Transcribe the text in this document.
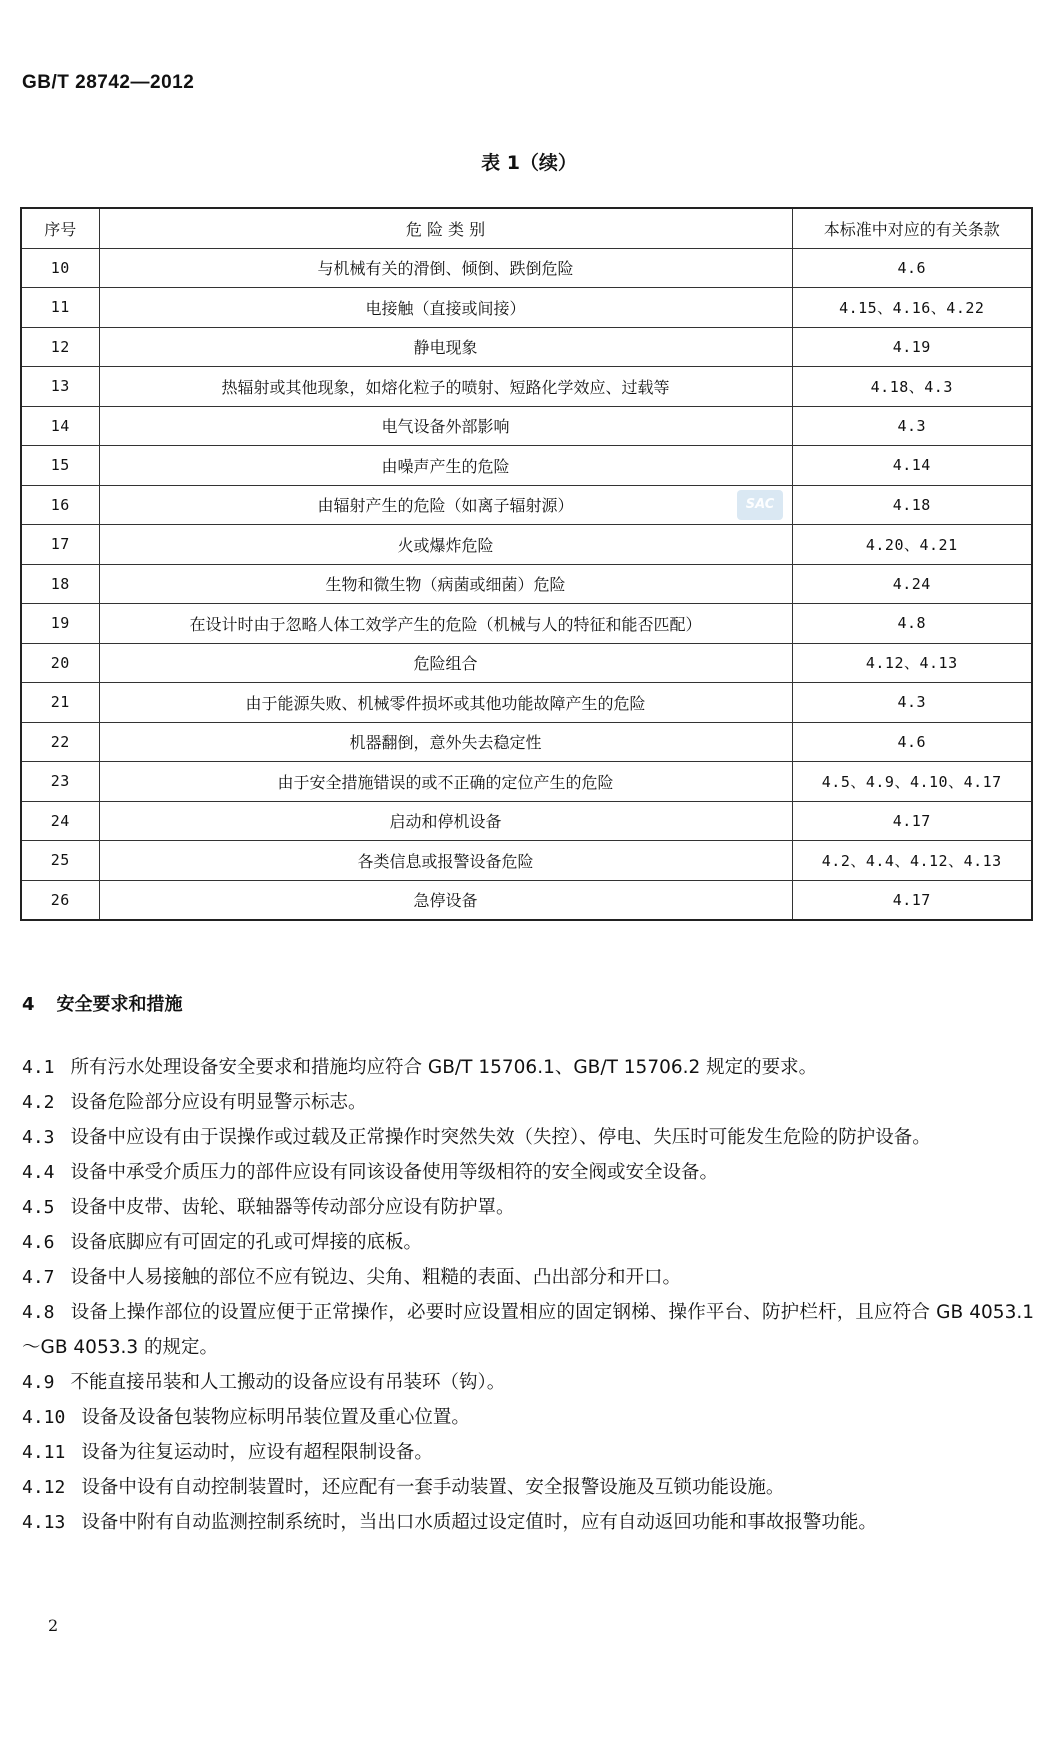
GB/T 28742—2012
表 1（续）
序号	危 险 类 别	本标准中对应的有关条款
10	与机械有关的滑倒、倾倒、跌倒危险	4.6
11	电接触（直接或间接）	4.15、4.16、4.22
12	静电现象	4.19
13	热辐射或其他现象，如熔化粒子的喷射、短路化学效应、过载等	4.18、4.3
14	电气设备外部影响	4.3
15	由噪声产生的危险	4.14
16	由辐射产生的危险（如离子辐射源）	4.18
17	火或爆炸危险	4.20、4.21
18	生物和微生物（病菌或细菌）危险	4.24
19	在设计时由于忽略人体工效学产生的危险（机械与人的特征和能否匹配）	4.8
20	危险组合	4.12、4.13
21	由于能源失败、机械零件损坏或其他功能故障产生的危险	4.3
22	机器翻倒，意外失去稳定性	4.6
23	由于安全措施错误的或不正确的定位产生的危险	4.5、4.9、4.10、4.17
24	启动和停机设备	4.17
25	各类信息或报警设备危险	4.2、4.4、4.12、4.13
26	急停设备	4.17
SAC
4 安全要求和措施

4.1 所有污水处理设备安全要求和措施均应符合 GB/T 15706.1、GB/T 15706.2 规定的要求。

4.2 设备危险部分应设有明显警示标志。

4.3 设备中应设有由于误操作或过载及正常操作时突然失效（失控）、停电、失压时可能发生危险的防护设备。

4.4 设备中承受介质压力的部件应设有同该设备使用等级相符的安全阀或安全设备。

4.5 设备中皮带、齿轮、联轴器等传动部分应设有防护罩。

4.6 设备底脚应有可固定的孔或可焊接的底板。

4.7 设备中人易接触的部位不应有锐边、尖角、粗糙的表面、凸出部分和开口。

4.8 设备上操作部位的设置应便于正常操作，必要时应设置相应的固定钢梯、操作平台、防护栏杆，且应符合 GB 4053.1～GB 4053.3 的规定。

4.9 不能直接吊装和人工搬动的设备应设有吊装环（钩）。

4.10 设备及设备包装物应标明吊装位置及重心位置。

4.11 设备为往复运动时，应设有超程限制设备。

4.12 设备中设有自动控制装置时，还应配有一套手动装置、安全报警设施及互锁功能设施。

4.13 设备中附有自动监测控制系统时，当出口水质超过设定值时，应有自动返回功能和事故报警功能。

2
